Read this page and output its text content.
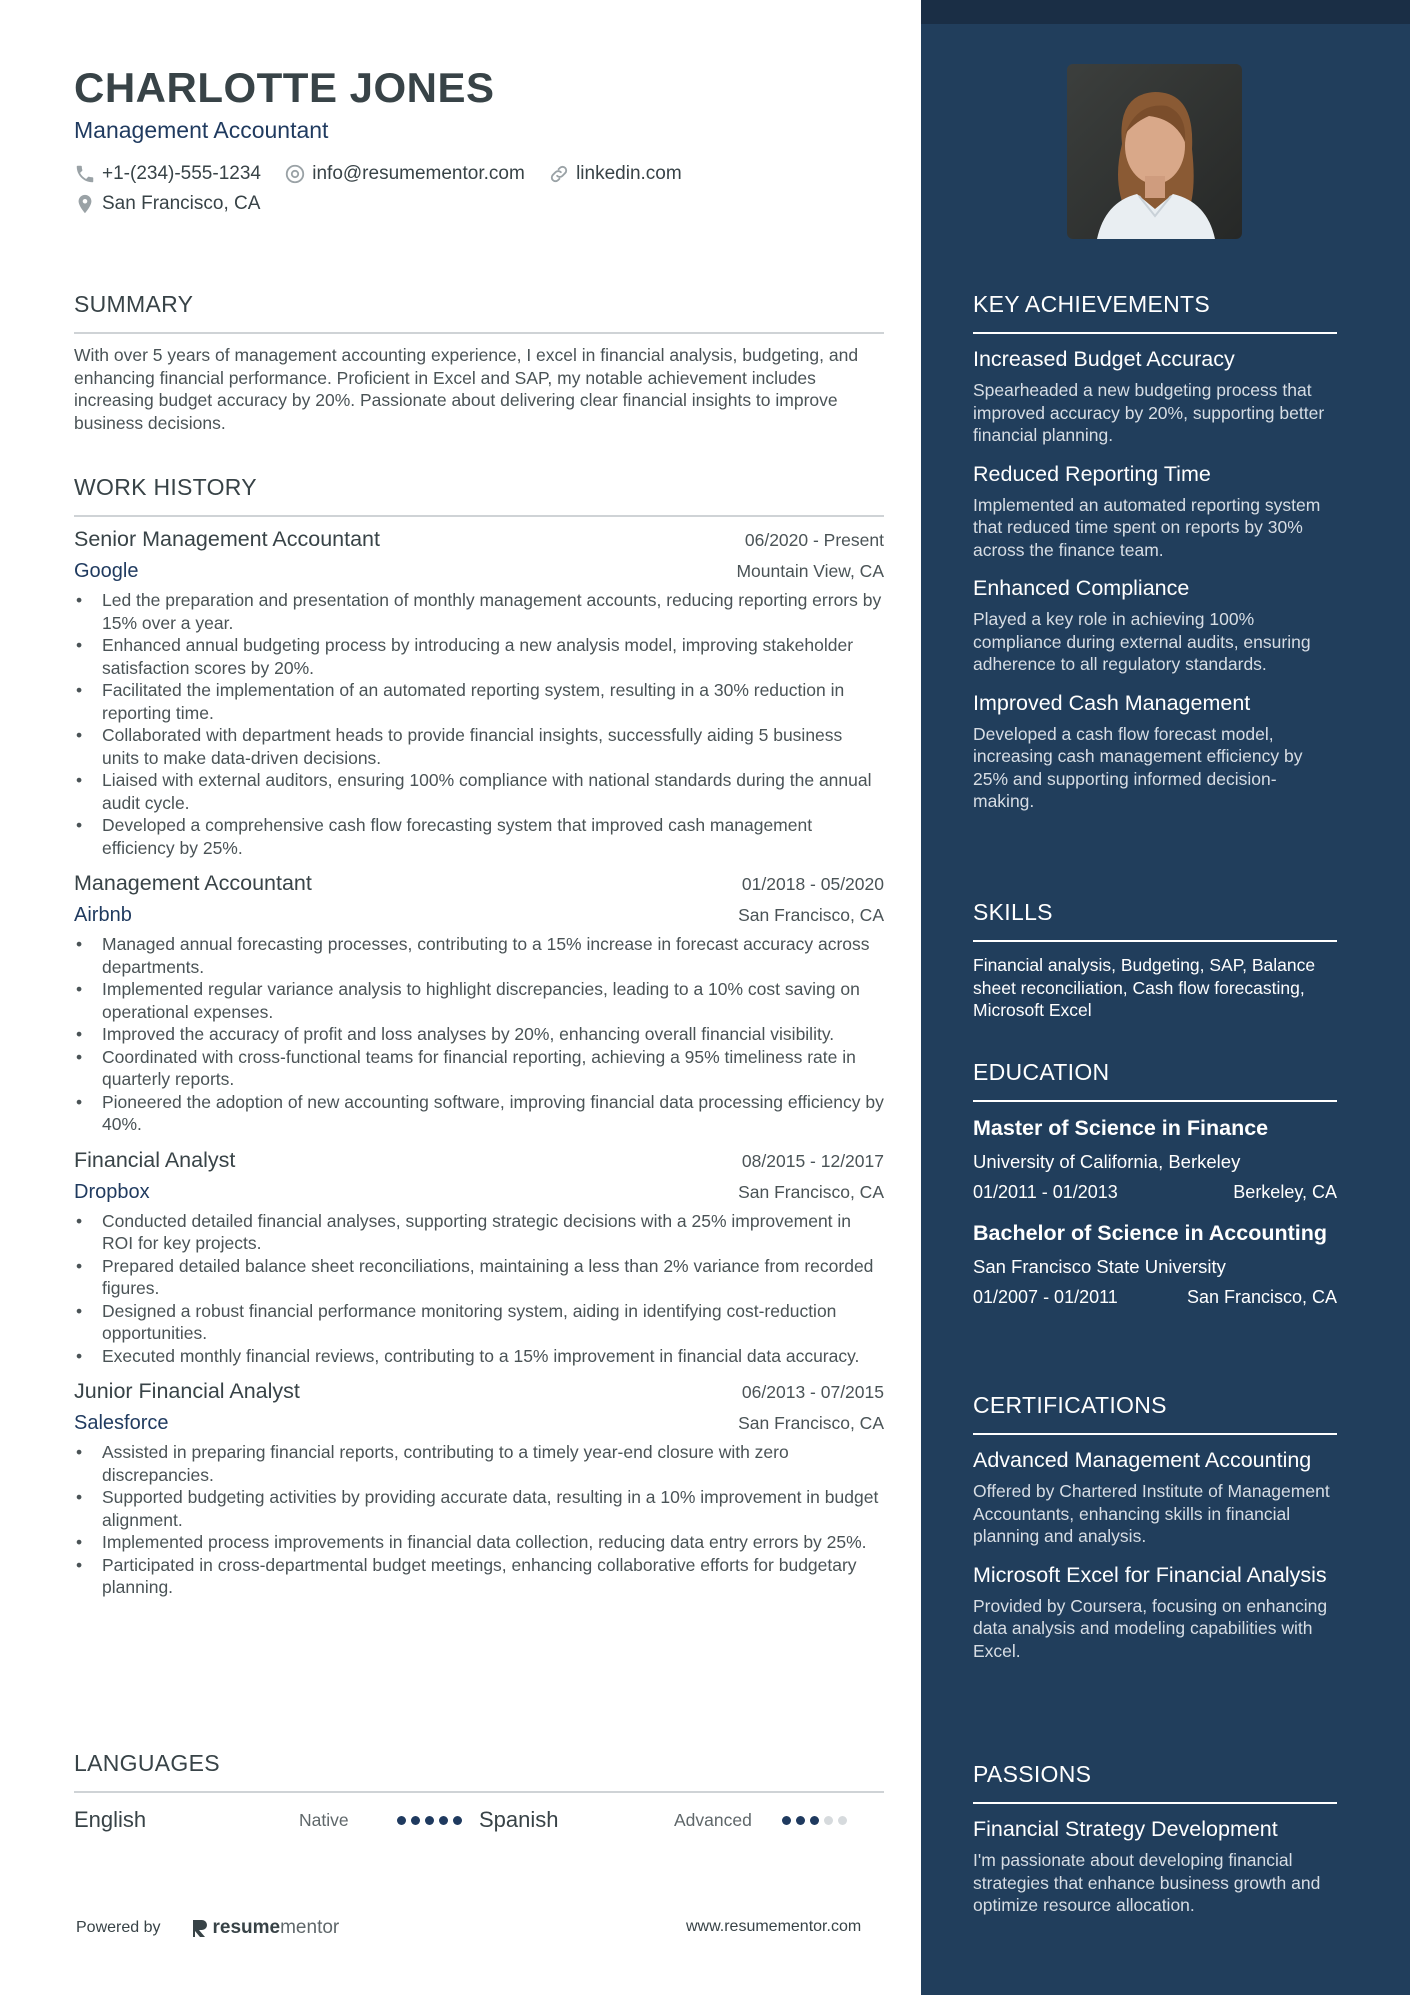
CHARLOTTE JONES
Management Accountant
+1-(234)-555-1234
	info@resumementor.com
	linkedin.com
San Francisco, CA
SUMMARY
With over 5 years of management accounting experience, I excel in financial analysis, budgeting, and enhancing financial performance. Proficient in Excel and SAP, my notable achievement includes increasing budget accuracy by 20%. Passionate about delivering clear financial insights to improve business decisions.
WORK HISTORY
Senior Management Accountant	06/2020 - Present
Google	Mountain View, CA
• Led the preparation and presentation of monthly management accounts, reducing reporting errors by 15% over a year.
• Enhanced annual budgeting process by introducing a new analysis model, improving stakeholder satisfaction scores by 20%.
• Facilitated the implementation of an automated reporting system, resulting in a 30% reduction in reporting time.
• Collaborated with department heads to provide financial insights, successfully aiding 5 business units to make data-driven decisions.
• Liaised with external auditors, ensuring 100% compliance with national standards during the annual audit cycle.
• Developed a comprehensive cash flow forecasting system that improved cash management efficiency by 25%.
Management Accountant	01/2018 - 05/2020
Airbnb	San Francisco, CA
• Managed annual forecasting processes, contributing to a 15% increase in forecast accuracy across departments.
• Implemented regular variance analysis to highlight discrepancies, leading to a 10% cost saving on operational expenses.
• Improved the accuracy of profit and loss analyses by 20%, enhancing overall financial visibility.
• Coordinated with cross-functional teams for financial reporting, achieving a 95% timeliness rate in quarterly reports.
• Pioneered the adoption of new accounting software, improving financial data processing efficiency by 40%.
Financial Analyst	08/2015 - 12/2017
Dropbox	San Francisco, CA
• Conducted detailed financial analyses, supporting strategic decisions with a 25% improvement in ROI for key projects.
• Prepared detailed balance sheet reconciliations, maintaining a less than 2% variance from recorded figures.
• Designed a robust financial performance monitoring system, aiding in identifying cost-reduction opportunities.
• Executed monthly financial reviews, contributing to a 15% improvement in financial data accuracy.
Junior Financial Analyst	06/2013 - 07/2015
Salesforce	San Francisco, CA
• Assisted in preparing financial reports, contributing to a timely year-end closure with zero discrepancies.
• Supported budgeting activities by providing accurate data, resulting in a 10% improvement in budget alignment.
• Implemented process improvements in financial data collection, reducing data entry errors by 25%.
• Participated in cross-departmental budget meetings, enhancing collaborative efforts for budgetary planning.
LANGUAGES
English	Native	Spanish	Advanced
Powered by	resume mentor	www.resumementor.com
KEY ACHIEVEMENTS
Increased Budget Accuracy
Spearheaded a new budgeting process that improved accuracy by 20%, supporting better financial planning.
Reduced Reporting Time
Implemented an automated reporting system that reduced time spent on reports by 30% across the finance team.
Enhanced Compliance
Played a key role in achieving 100% compliance during external audits, ensuring adherence to all regulatory standards.
Improved Cash Management
Developed a cash flow forecast model, increasing cash management efficiency by 25% and supporting informed decision-making.
SKILLS
Financial analysis, Budgeting, SAP, Balance sheet reconciliation, Cash flow forecasting, Microsoft Excel
EDUCATION
Master of Science in Finance
University of California, Berkeley
01/2011 - 01/2013	Berkeley, CA
Bachelor of Science in Accounting
San Francisco State University
01/2007 - 01/2011	San Francisco, CA
CERTIFICATIONS
Advanced Management Accounting
Offered by Chartered Institute of Management Accountants, enhancing skills in financial planning and analysis.
Microsoft Excel for Financial Analysis
Provided by Coursera, focusing on enhancing data analysis and modeling capabilities with Excel.
PASSIONS
Financial Strategy Development
I'm passionate about developing financial strategies that enhance business growth and optimize resource allocation.
